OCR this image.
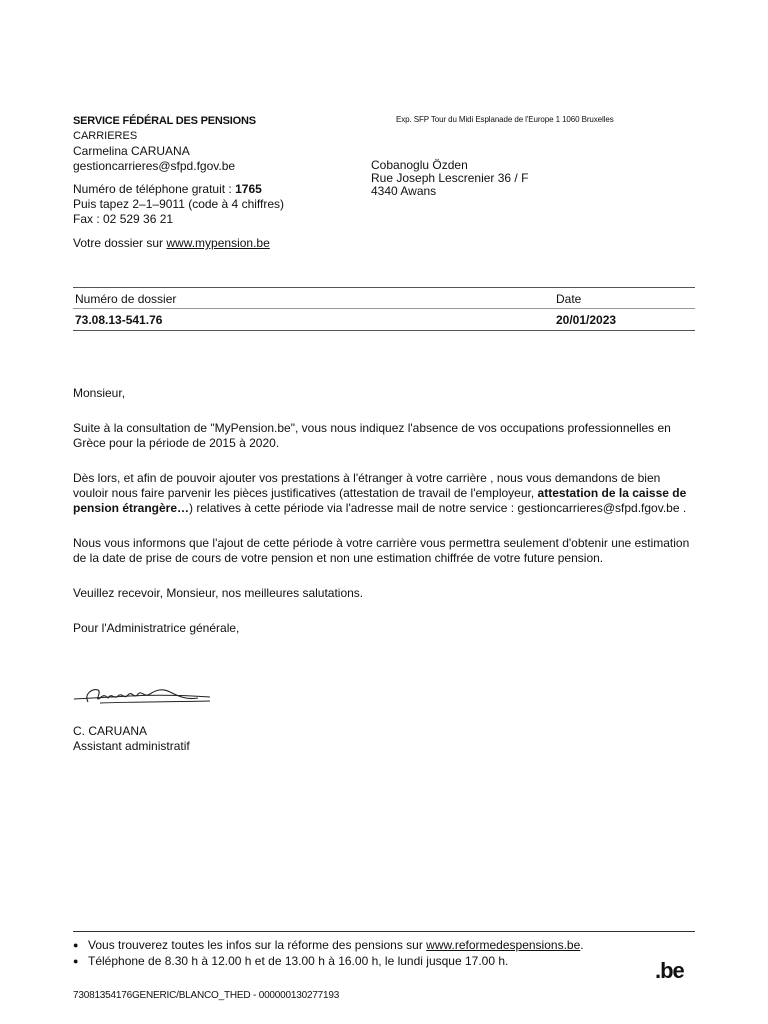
SERVICE FÉDÉRAL DES PENSIONS
CARRIERES
Carmelina CARUANA
gestioncarrieres@sfpd.fgov.be
Numéro de téléphone gratuit : 1765
Puis tapez 2–1–9011 (code à 4 chiffres)
Fax : 02 529 36 21
Votre dossier sur www.mypension.be
Exp. SFP Tour du Midi Esplanade de l'Europe 1 1060 Bruxelles
Cobanoglu Özden
Rue Joseph Lescrenier 36 / F
4340 Awans
Numéro de dossier	Date
73.08.13-541.76	20/01/2023

Monsieur,

Suite à la consultation de "MyPension.be", vous nous indiquez l'absence de vos occupations professionnelles en Grèce pour la période de 2015 à 2020.

Dès lors, et afin de pouvoir ajouter vos prestations à l'étranger à votre carrière , nous vous demandons de bien vouloir nous faire parvenir les pièces justificatives (attestation de travail de l'employeur, attestation de la caisse de pension étrangère…) relatives à cette période via l'adresse mail de notre service : gestioncarrieres@sfpd.fgov.be .

Nous vous informons que l'ajout de cette période à votre carrière vous permettra seulement d'obtenir une estimation de la date de prise de cours de votre pension et non une estimation chiffrée de votre future pension.

Veuillez recevoir, Monsieur, nos meilleures salutations.

Pour l'Administratrice générale,

C. CARUANA
Assistant administratif
● Vous trouverez toutes les infos sur la réforme des pensions sur www.reformedespensions.be.
● Téléphone de 8.30 h à 12.00 h et de 13.00 h à 16.00 h, le lundi jusque 17.00 h.	.be
73081354176GENERIC/BLANCO_THED - 000000130277193
